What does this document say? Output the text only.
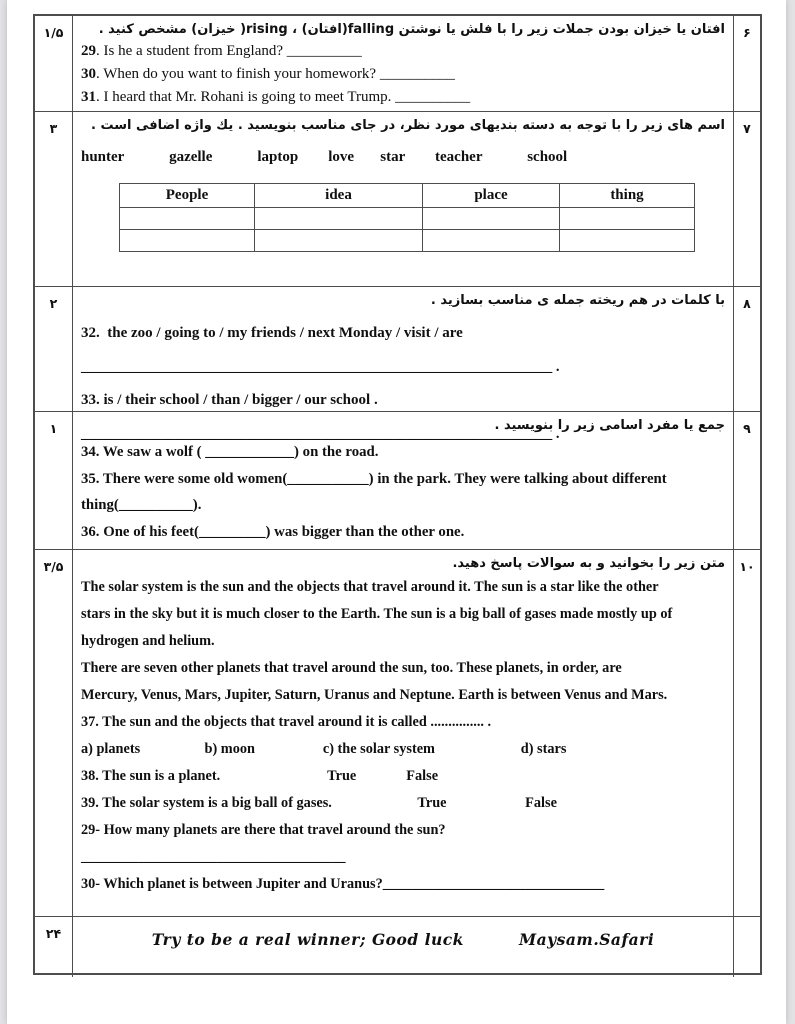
۱/۵	افتان یا خیزان بودن جملات زیر را با فلش یا نوشتن falling(افتان) ، rising( خیزان) مشخص کنید .
29. Is he a student from England? __________
30. When do you want to finish your homework? __________
31. I heard that Mr. Rohani is going to meet Trump. __________
۶
۳	اسم های زیر را با توجه به دسته بندیهای مورد نظر، در جای مناسب بنویسید . یك واژه اضافی است .
hunter            gazelle            laptop        love       star        teacher            school
People	idea	place	thing

۷
۲	با کلمات در هم ریخته جمله ی مناسب بسازید .
32.  the zoo / going to / my friends / next Monday / visit / are
_________________________________________________________________ .
33. is / their school / than / bigger / our school .
_________________________________________________________________ .
۸
۱	جمع یا مفرد اسامی زیر را بنویسید .
34. We saw a wolf ( ____________) on the road.
35. There were some old women(___________) in the park. They were talking about different
thing(__________).
36. One of his feet(_________) was bigger than the other one.
۹
۳/۵	متن زیر را بخوانید و به سوالات پاسخ دهید.
The solar system is the sun and the objects that travel around it. The sun is a star like the other
stars in the sky but it is much closer to the Earth. The sun is a big ball of gases made mostly up of
hydrogen and helium.
There are seven other planets that travel around the sun, too. These planets, in order, are
Mercury, Venus, Mars, Jupiter, Saturn, Uranus and Neptune. Earth is between Venus and Mars.
37. The sun and the objects that travel around it is called ............... .
a) planets                  b) moon                   c) the solar system                        d) stars
38. The sun is a planet.                              True              False
39. The solar system is a big ball of gases.                        True                      False
29- How many planets are there that travel around the sun?
_____________________________________
30- Which planet is between Jupiter and Uranus?_______________________________
۱۰
۲۴	Try to be a real winner; Good luck	Maysam.Safari
